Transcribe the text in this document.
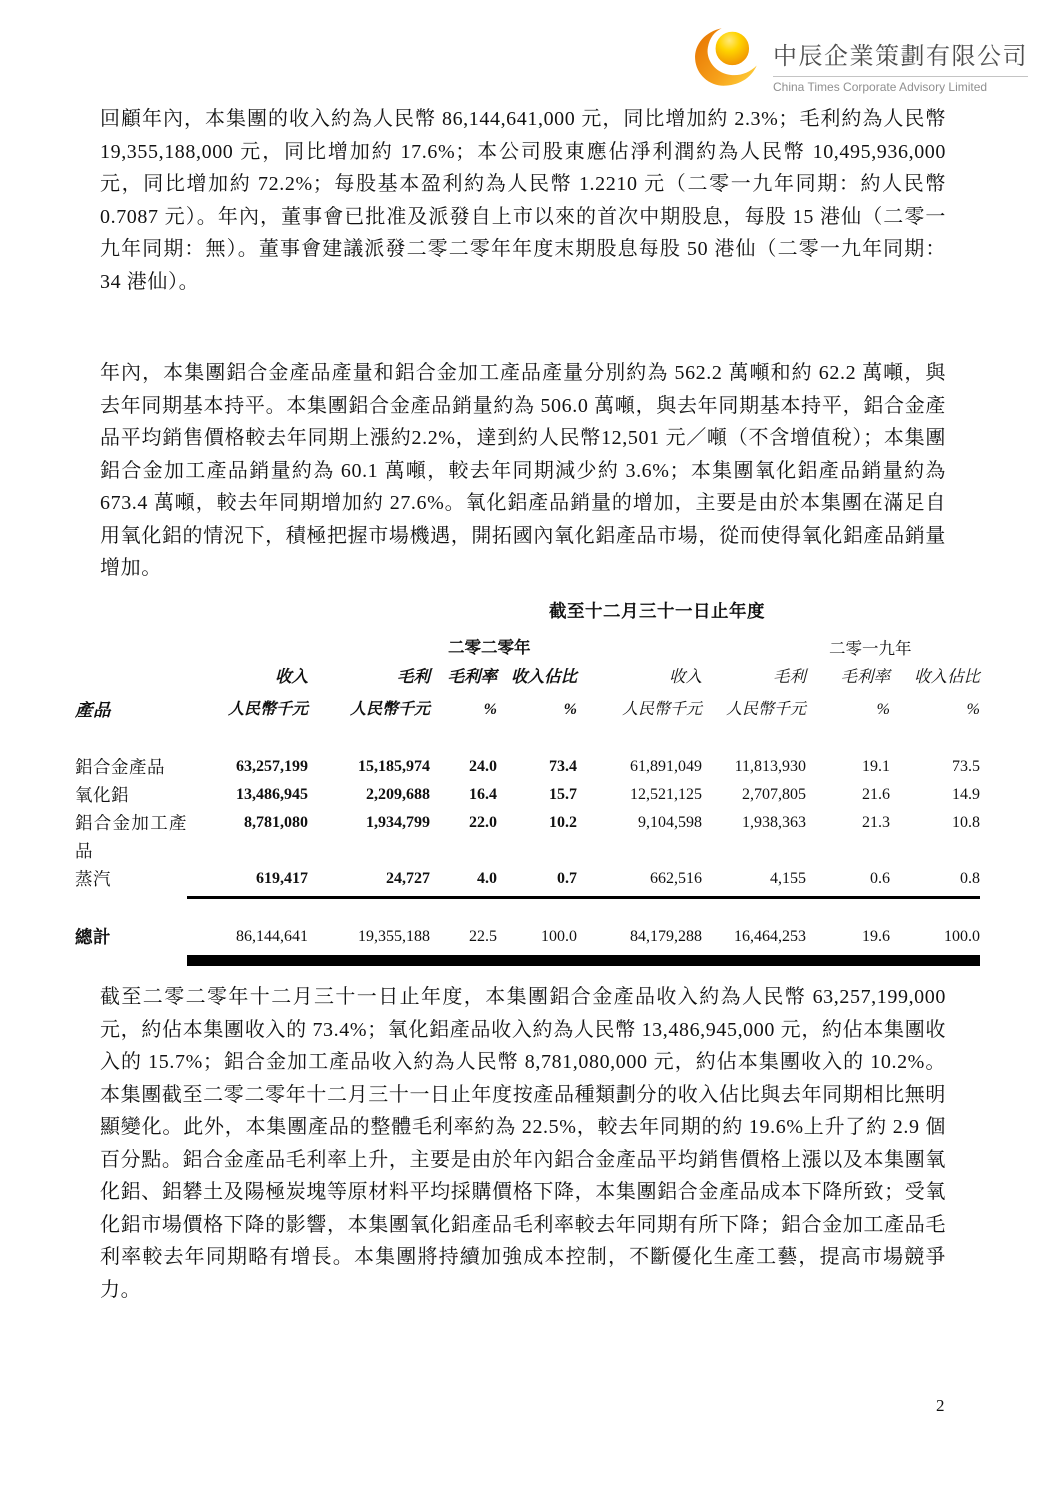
中辰企業策劃有限公司
China Times Corporate Advisory Limited
回顧年內，本集團的收入約為人民幣 86,144,641,000 元，同比增加約 2.3%；毛利約為人民幣 19,355,188,000 元，同比增加約 17.6%；本公司股東應佔淨利潤約為人民幣 10,495,936,000 元，同比增加約 72.2%；每股基本盈利約為人民幣 1.2210 元（二零一九年同期：約人民幣 0.7087 元）。年內，董事會已批准及派發自上市以來的首次中期股息，每股 15 港仙（二零一九年同期：無）。董事會建議派發二零二零年年度末期股息每股 50 港仙（二零一九年同期：34 港仙）。
年內，本集團鋁合金產品產量和鋁合金加工產品產量分別約為 562.2 萬噸和約 62.2 萬噸，與去年同期基本持平。本集團鋁合金產品銷量約為 506.0 萬噸，與去年同期基本持平，鋁合金產品平均銷售價格較去年同期上漲約2.2%，達到約人民幣12,501 元／噸（不含增值稅）；本集團鋁合金加工產品銷量約為 60.1 萬噸，較去年同期減少約 3.6%；本集團氧化鋁產品銷量約為 673.4 萬噸，較去年同期增加約 27.6%。氧化鋁產品銷量的增加，主要是由於本集團在滿足自用氧化鋁的情況下，積極把握市場機遇，開拓國內氧化鋁產品市場，從而使得氧化鋁產品銷量增加。
截至十二月三十一日止年度
二零二零年	二零一九年
	收入	毛利	毛利率	收入佔比	收入	毛利	毛利率	收入佔比
產品	人民幣千元	人民幣千元	%	%	人民幣千元	人民幣千元	%	%

鋁合金產品	63,257,199	15,185,974	24.0	73.4	61,891,049	11,813,930	19.1	73.5
氧化鋁	13,486,945	2,209,688	16.4	15.7	12,521,125	2,707,805	21.6	14.9
鋁合金加工產品	8,781,080	1,934,799	22.0	10.2	9,104,598	1,938,363	21.3	10.8
蒸汽	619,417	24,727	4.0	0.7	662,516	4,155	0.6	0.8

總計	86,144,641	19,355,188	22.5	100.0	84,179,288	16,464,253	19.6	100.0
截至二零二零年十二月三十一日止年度，本集團鋁合金產品收入約為人民幣 63,257,199,000 元，約佔本集團收入的 73.4%；氧化鋁產品收入約為人民幣 13,486,945,000 元，約佔本集團收入的 15.7%；鋁合金加工產品收入約為人民幣 8,781,080,000 元，約佔本集團收入的 10.2%。本集團截至二零二零年十二月三十一日止年度按產品種類劃分的收入佔比與去年同期相比無明顯變化。此外，本集團產品的整體毛利率約為 22.5%，較去年同期的約 19.6%上升了約 2.9 個百分點。鋁合金產品毛利率上升，主要是由於年內鋁合金產品平均銷售價格上漲以及本集團氧化鋁、鋁礬土及陽極炭塊等原材料平均採購價格下降，本集團鋁合金產品成本下降所致；受氧化鋁市場價格下降的影響，本集團氧化鋁產品毛利率較去年同期有所下降；鋁合金加工產品毛利率較去年同期略有增長。本集團將持續加強成本控制，不斷優化生產工藝，提高市場競爭力。
2
